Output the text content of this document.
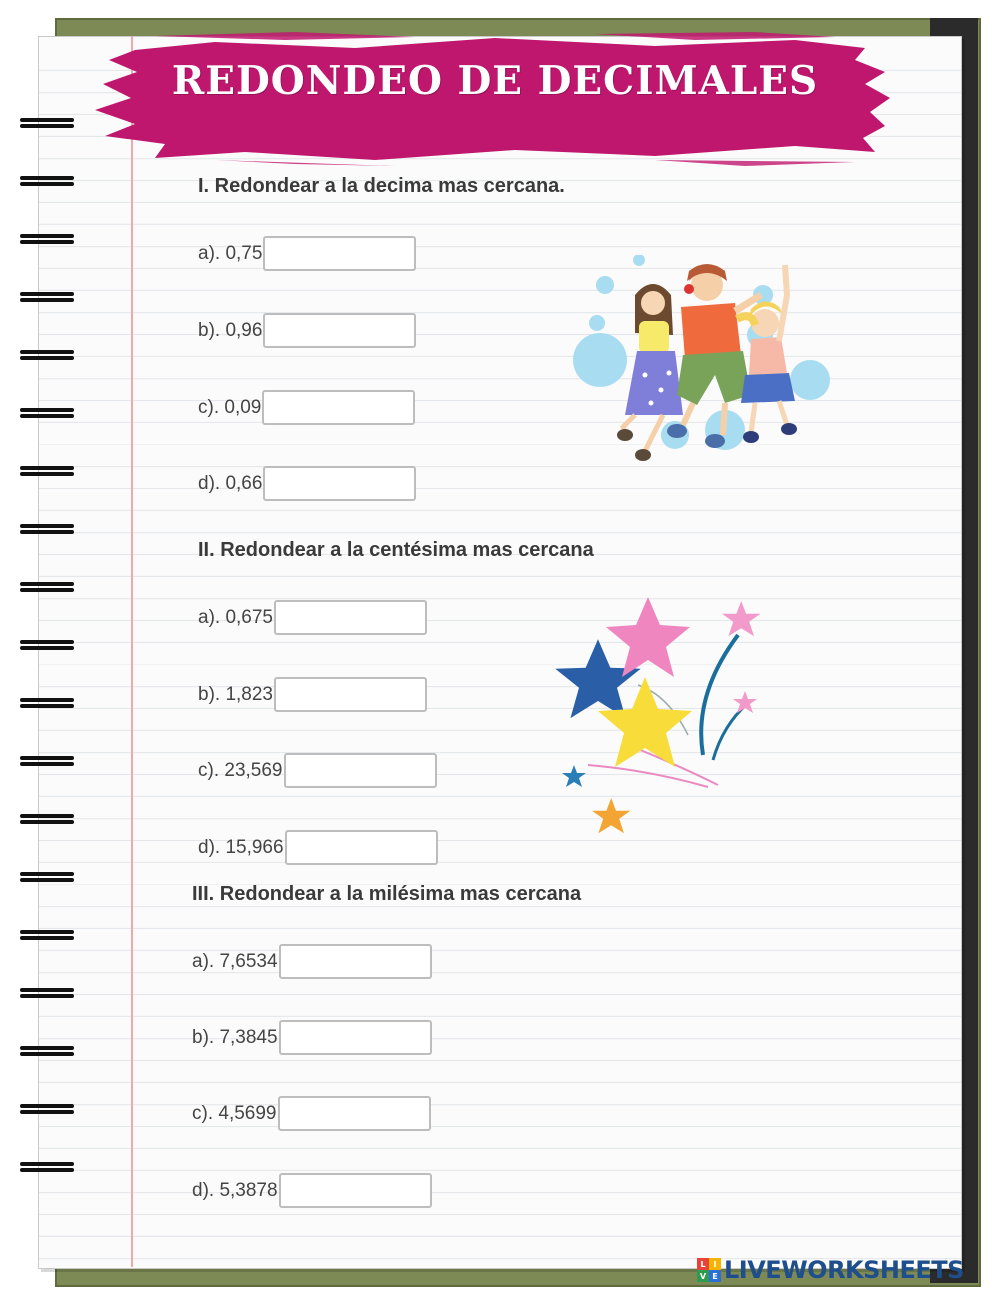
REDONDEO DE DECIMALES
I. Redondear a la decima mas cercana.
a). 0,75
b). 0,96
c). 0,09
d). 0,66
II. Redondear a la centésima mas cercana
a). 0,675
b). 1,823
c). 23,569
d). 15,966
III. Redondear a la milésima mas cercana
a). 7,6534
b). 7,3845
c). 4,5699
d). 5,3878
L I
V E LIVEWORKSHEETS
